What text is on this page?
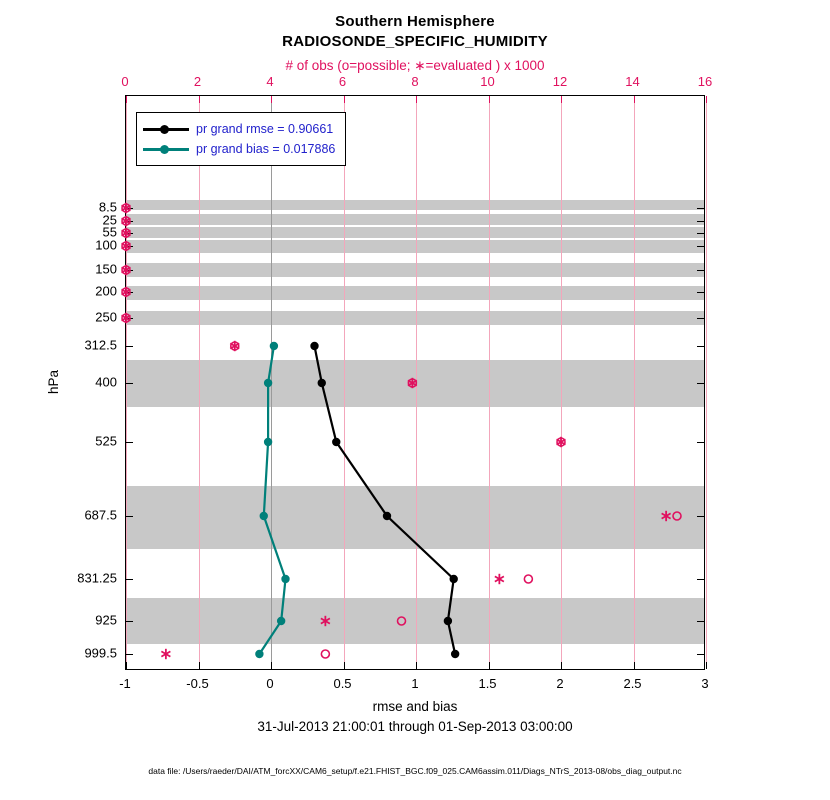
Southern Hemisphere
RADIOSONDE_SPECIFIC_HUMIDITY
# of obs (o=possible; ∗=evaluated ) x 1000
pr grand rmse = 0.90661
pr grand bias = 0.017886
0	2	4	6	8	10	12	14	16
-1	-0.5	0	0.5	1	1.5	2	2.5	3
8.5
25
55
100
150
200
250
312.5
400
525
687.5
831.25
925
999.5
hPa
rmse and bias
31-Jul-2013 21:00:01 through 01-Sep-2013 03:00:00
data file: /Users/raeder/DAI/ATM_forcXX/CAM6_setup/f.e21.FHIST_BGC.f09_025.CAM6assim.011/Diags_NTrS_2013-08/obs_diag_output.nc
